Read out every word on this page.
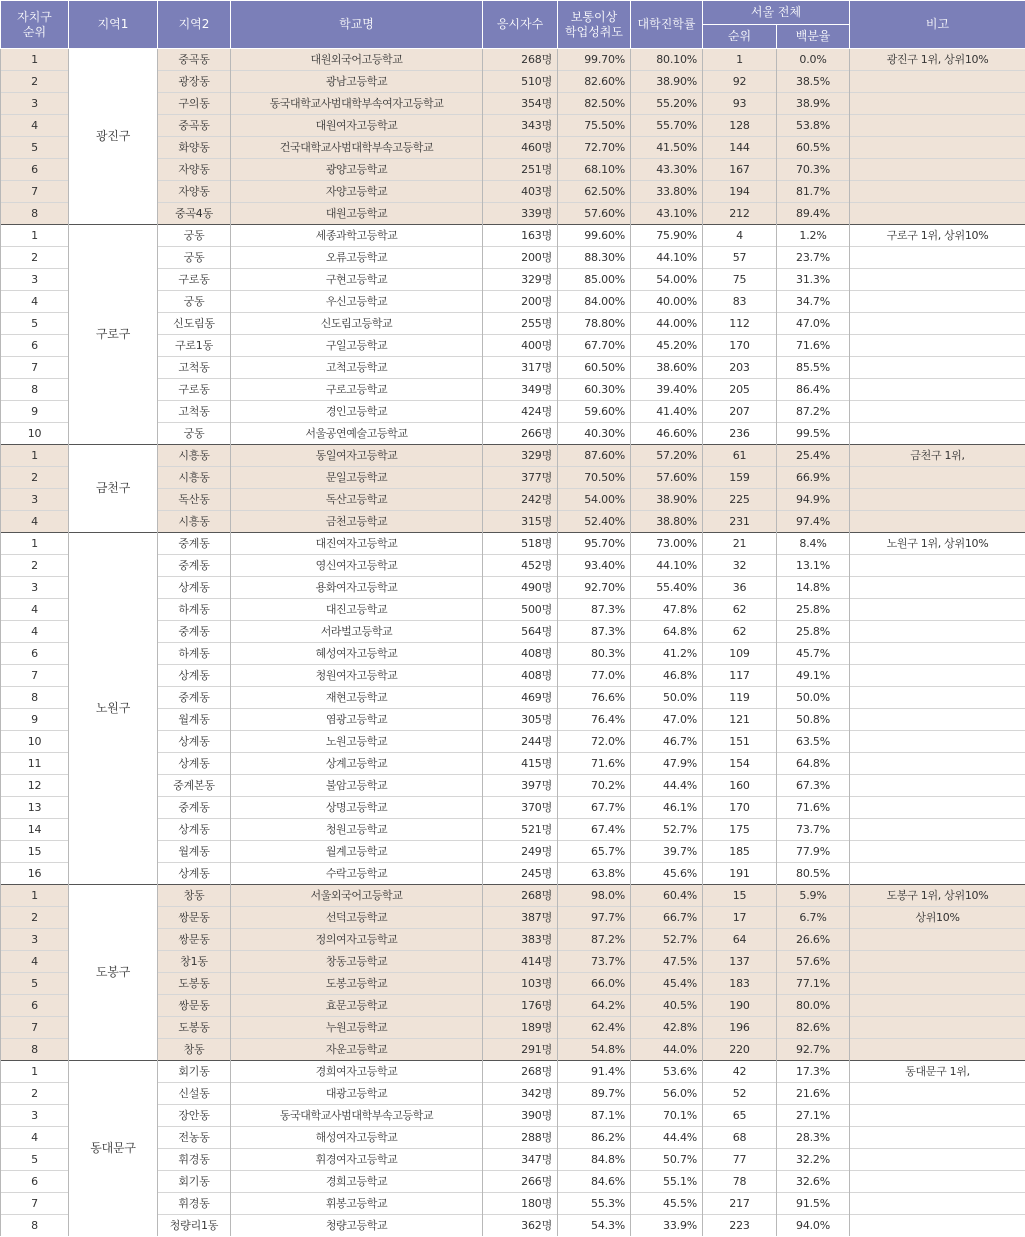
자치구
순위	지역1	지역2	학교명	응시자수	보통이상
학업성취도	대학진학률	서울 전체		비고
							순위	백분율	
1	광진구	중곡동	대원외국어고등학교	268명	99.70%	80.10%	1	0.0%	광진구 1위, 상위10%
2		광장동	광남고등학교	510명	82.60%	38.90%	92	38.5%	
3		구의동	동국대학교사범대학부속여자고등학교	354명	82.50%	55.20%	93	38.9%	
4		중곡동	대원여자고등학교	343명	75.50%	55.70%	128	53.8%	
5		화양동	건국대학교사범대학부속고등학교	460명	72.70%	41.50%	144	60.5%	
6		자양동	광양고등학교	251명	68.10%	43.30%	167	70.3%	
7		자양동	자양고등학교	403명	62.50%	33.80%	194	81.7%	
8		중곡4동	대원고등학교	339명	57.60%	43.10%	212	89.4%	
1	구로구	궁동	세종과학고등학교	163명	99.60%	75.90%	4	1.2%	구로구 1위, 상위10%
2		궁동	오류고등학교	200명	88.30%	44.10%	57	23.7%	
3		구로동	구현고등학교	329명	85.00%	54.00%	75	31.3%	
4		궁동	우신고등학교	200명	84.00%	40.00%	83	34.7%	
5		신도림동	신도림고등학교	255명	78.80%	44.00%	112	47.0%	
6		구로1동	구일고등학교	400명	67.70%	45.20%	170	71.6%	
7		고척동	고척고등학교	317명	60.50%	38.60%	203	85.5%	
8		구로동	구로고등학교	349명	60.30%	39.40%	205	86.4%	
9		고척동	경인고등학교	424명	59.60%	41.40%	207	87.2%	
10		궁동	서울공연예술고등학교	266명	40.30%	46.60%	236	99.5%	
1	금천구	시흥동	동일여자고등학교	329명	87.60%	57.20%	61	25.4%	금천구 1위,
2		시흥동	문일고등학교	377명	70.50%	57.60%	159	66.9%	
3		독산동	독산고등학교	242명	54.00%	38.90%	225	94.9%	
4		시흥동	금천고등학교	315명	52.40%	38.80%	231	97.4%	
1	노원구	중계동	대진여자고등학교	518명	95.70%	73.00%	21	8.4%	노원구 1위, 상위10%
2		중계동	영신여자고등학교	452명	93.40%	44.10%	32	13.1%	
3		상계동	용화여자고등학교	490명	92.70%	55.40%	36	14.8%	
4		하계동	대진고등학교	500명	87.3%	47.8%	62	25.8%	
4		중계동	서라벌고등학교	564명	87.3%	64.8%	62	25.8%	
6		하계동	혜성여자고등학교	408명	80.3%	41.2%	109	45.7%	
7		상계동	청원여자고등학교	408명	77.0%	46.8%	117	49.1%	
8		중계동	재현고등학교	469명	76.6%	50.0%	119	50.0%	
9		월계동	염광고등학교	305명	76.4%	47.0%	121	50.8%	
10		상계동	노원고등학교	244명	72.0%	46.7%	151	63.5%	
11		상계동	상계고등학교	415명	71.6%	47.9%	154	64.8%	
12		중계본동	불암고등학교	397명	70.2%	44.4%	160	67.3%	
13		중계동	상명고등학교	370명	67.7%	46.1%	170	71.6%	
14		상계동	청원고등학교	521명	67.4%	52.7%	175	73.7%	
15		월계동	월계고등학교	249명	65.7%	39.7%	185	77.9%	
16		상계동	수락고등학교	245명	63.8%	45.6%	191	80.5%	
1	도봉구	창동	서울외국어고등학교	268명	98.0%	60.4%	15	5.9%	도봉구 1위, 상위10%
2		쌍문동	선덕고등학교	387명	97.7%	66.7%	17	6.7%	상위10%
3		쌍문동	정의여자고등학교	383명	87.2%	52.7%	64	26.6%	
4		창1동	창동고등학교	414명	73.7%	47.5%	137	57.6%	
5		도봉동	도봉고등학교	103명	66.0%	45.4%	183	77.1%	
6		쌍문동	효문고등학교	176명	64.2%	40.5%	190	80.0%	
7		도봉동	누원고등학교	189명	62.4%	42.8%	196	82.6%	
8		창동	자운고등학교	291명	54.8%	44.0%	220	92.7%	
1	동대문구	회기동	경희여자고등학교	268명	91.4%	53.6%	42	17.3%	동대문구 1위,
2		신설동	대광고등학교	342명	89.7%	56.0%	52	21.6%	
3		장안동	동국대학교사범대학부속고등학교	390명	87.1%	70.1%	65	27.1%	
4		전농동	해성여자고등학교	288명	86.2%	44.4%	68	28.3%	
5		휘경동	휘경여자고등학교	347명	84.8%	50.7%	77	32.2%	
6		회기동	경희고등학교	266명	84.6%	55.1%	78	32.6%	
7		휘경동	휘봉고등학교	180명	55.3%	45.5%	217	91.5%	
8		청량리1동	청량고등학교	362명	54.3%	33.9%	223	94.0%	
